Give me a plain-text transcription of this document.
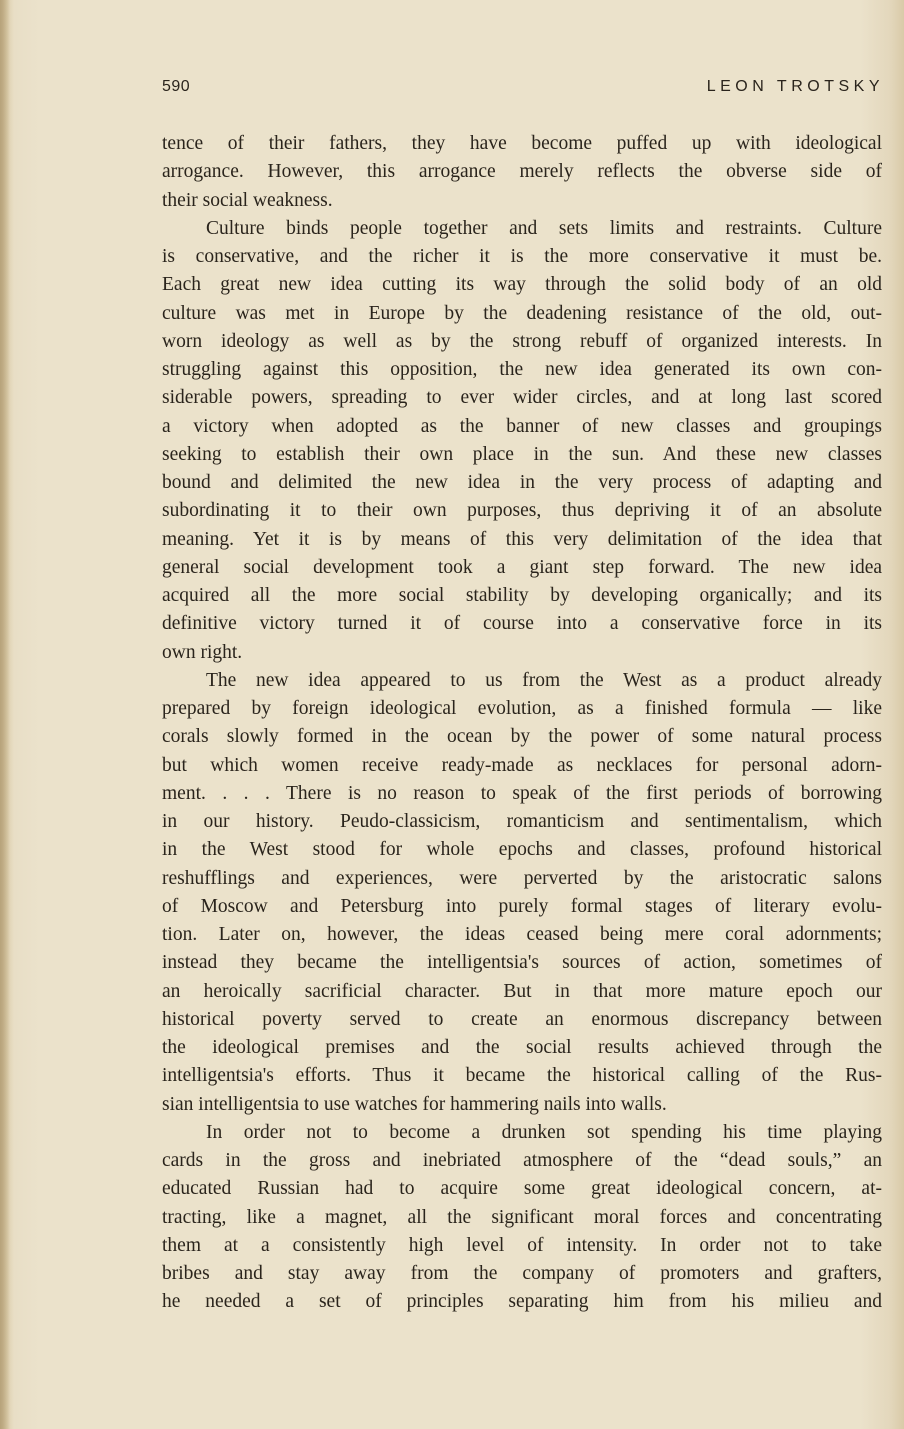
590	LEON TROTSKY
tence of their fathers, they have become puffed up with ideological
arrogance. However, this arrogance merely reflects the obverse side of
their social weakness.
Culture binds people together and sets limits and restraints. Culture
is conservative, and the richer it is the more conservative it must be.
Each great new idea cutting its way through the solid body of an old
culture was met in Europe by the deadening resistance of the old, out-
worn ideology as well as by the strong rebuff of organized interests. In
struggling against this opposition, the new idea generated its own con-
siderable powers, spreading to ever wider circles, and at long last scored
a victory when adopted as the banner of new classes and groupings
seeking to establish their own place in the sun. And these new classes
bound and delimited the new idea in the very process of adapting and
subordinating it to their own purposes, thus depriving it of an absolute
meaning. Yet it is by means of this very delimitation of the idea that
general social development took a giant step forward. The new idea
acquired all the more social stability by developing organically; and its
definitive victory turned it of course into a conservative force in its
own right.
The new idea appeared to us from the West as a product already
prepared by foreign ideological evolution, as a finished formula — like
corals slowly formed in the ocean by the power of some natural process
but which women receive ready-made as necklaces for personal adorn-
ment. . . . There is no reason to speak of the first periods of borrowing
in our history. Peudo-classicism, romanticism and sentimentalism, which
in the West stood for whole epochs and classes, profound historical
reshufflings and experiences, were perverted by the aristocratic salons
of Moscow and Petersburg into purely formal stages of literary evolu-
tion. Later on, however, the ideas ceased being mere coral adornments;
instead they became the intelligentsia's sources of action, sometimes of
an heroically sacrificial character. But in that more mature epoch our
historical poverty served to create an enormous discrepancy between
the ideological premises and the social results achieved through the
intelligentsia's efforts. Thus it became the historical calling of the Rus-
sian intelligentsia to use watches for hammering nails into walls.
In order not to become a drunken sot spending his time playing
cards in the gross and inebriated atmosphere of the “dead souls,” an
educated Russian had to acquire some great ideological concern, at-
tracting, like a magnet, all the significant moral forces and concentrating
them at a consistently high level of intensity. In order not to take
bribes and stay away from the company of promoters and grafters,
he needed a set of principles separating him from his milieu and
